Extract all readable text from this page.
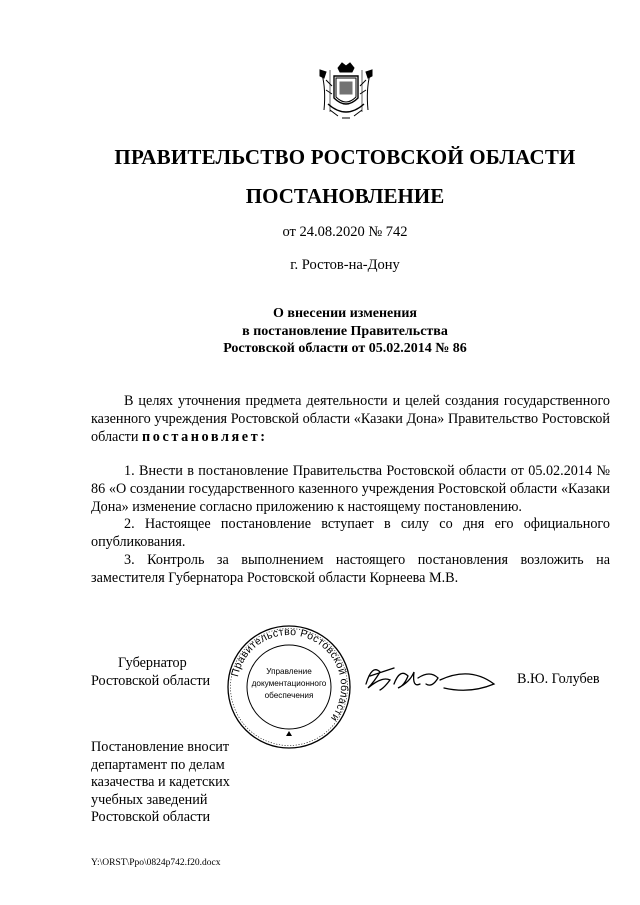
ПРАВИТЕЛЬСТВО РОСТОВСКОЙ ОБЛАСТИ
ПОСТАНОВЛЕНИЕ
от 24.08.2020 № 742
г. Ростов-на-Дону
О внесении изменения
в постановление Правительства
Ростовской области от 05.02.2014 № 86

В целях уточнения предмета деятельности и целей создания государственного казенного учреждения Ростовской области «Казаки Дона» Правительство Ростовской области постановляет:

1. Внести в постановление Правительства Ростовской области от 05.02.2014 № 86 «О создании государственного казенного учреждения Ростовской области «Казаки Дона» изменение согласно приложению к настоящему постановлению.

2. Настоящее постановление вступает в силу со дня его официального опубликования.

3. Контроль за выполнением настоящего постановления возложить на заместителя Губернатора Ростовской области Корнеева М.В.

Губернатор
Ростовской области
Правительство Ростовской области
Управление
документационного
обеспечения
В.Ю. Голубев
Постановление вносит
департамент по делам
казачества и кадетских
учебных заведений
Ростовской области
Y:\ORST\Ppo\0824p742.f20.docx
